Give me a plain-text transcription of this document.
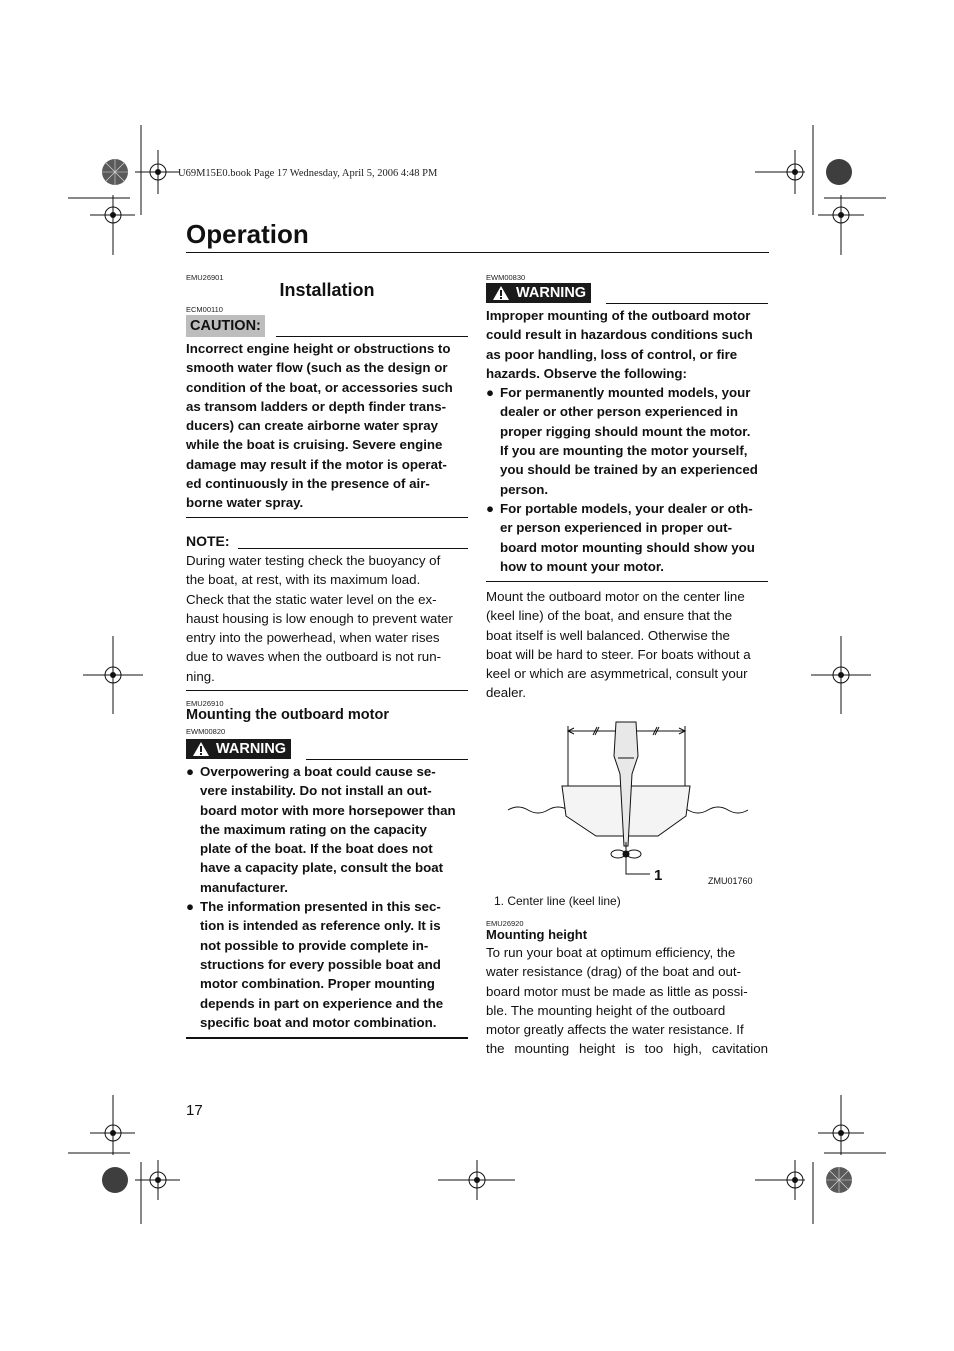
U69M15E0.book Page 17 Wednesday, April 5, 2006 4:48 PM
Operation
EMU26901
Installation
ECM00110
CAUTION:
Incorrect engine height or obstructions to
smooth water flow (such as the design or
condition of the boat, or accessories such
as transom ladders or depth finder trans-
ducers) can create airborne water spray
while the boat is cruising. Severe engine
damage may result if the motor is operat-
ed continuously in the presence of air-
borne water spray.
NOTE:
During water testing check the buoyancy of
the boat, at rest, with its maximum load.
Check that the static water level on the ex-
haust housing is low enough to prevent water
entry into the powerhead, when water rises
due to waves when the outboard is not run-
ning.
EMU26910
Mounting the outboard motor
EWM00820
WARNING
● Overpowering a boat could cause se-
vere instability. Do not install an out-
board motor with more horsepower than
the maximum rating on the capacity
plate of the boat. If the boat does not
have a capacity plate, consult the boat
manufacturer.
● The information presented in this sec-
tion is intended as reference only. It is
not possible to provide complete in-
structions for every possible boat and
motor combination. Proper mounting
depends in part on experience and the
specific boat and motor combination.
EWM00830
WARNING
Improper mounting of the outboard motor
could result in hazardous conditions such
as poor handling, loss of control, or fire
hazards. Observe the following:
● For permanently mounted models, your
dealer or other person experienced in
proper rigging should mount the motor.
If you are mounting the motor yourself,
you should be trained by an experienced
person.
● For portable models, your dealer or oth-
er person experienced in proper out-
board motor mounting should show you
how to mount your motor.
Mount the outboard motor on the center line
(keel line) of the boat, and ensure that the
boat itself is well balanced. Otherwise the
boat will be hard to steer. For boats without a
keel or which are asymmetrical, consult your
dealer.
1	ZMU01760
1. Center line (keel line)
EMU26920
Mounting height
To run your boat at optimum efficiency, the
water resistance (drag) of the boat and out-
board motor must be made as little as possi-
ble. The mounting height of the outboard
motor greatly affects the water resistance. If
the mounting height is too high, cavitation
17
